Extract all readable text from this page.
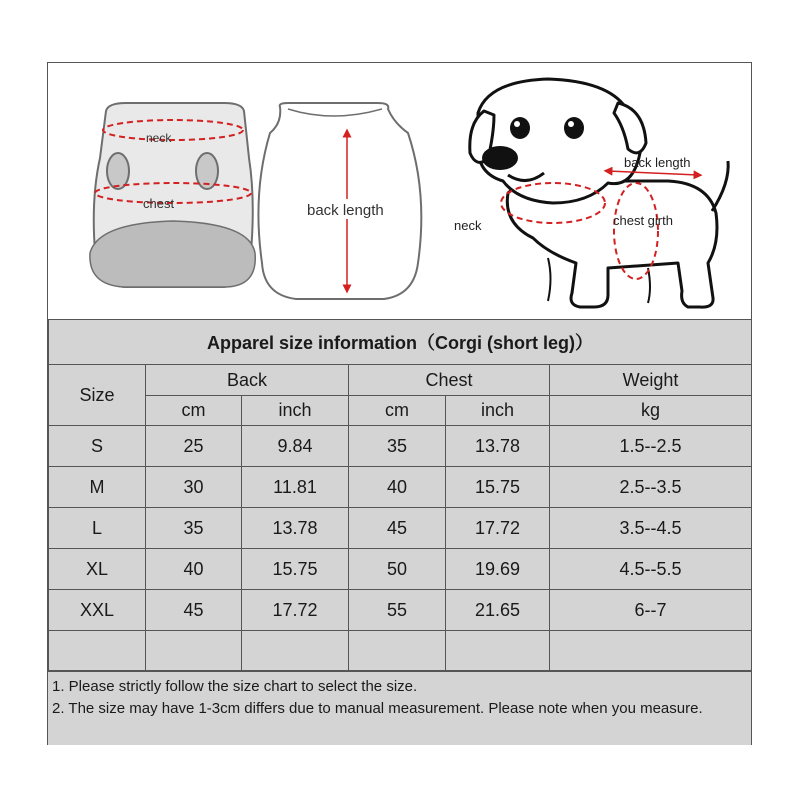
neck
chest	back length
back length
neck	chest girth
Apparel size information（Corgi (short leg)）					
Size	Back		Chest		Weight
	cm	inch	cm	inch	kg
S	25	9.84	35	13.78	1.5--2.5
M	30	11.81	40	15.75	2.5--3.5
L	35	13.78	45	17.72	3.5--4.5
XL	40	15.75	50	19.69	4.5--5.5
XXL	45	17.72	55	21.65	6--7

1. Please strictly follow the size chart to select the size.
2. The size may have 1-3cm differs due to manual measurement. Please note when you measure.
